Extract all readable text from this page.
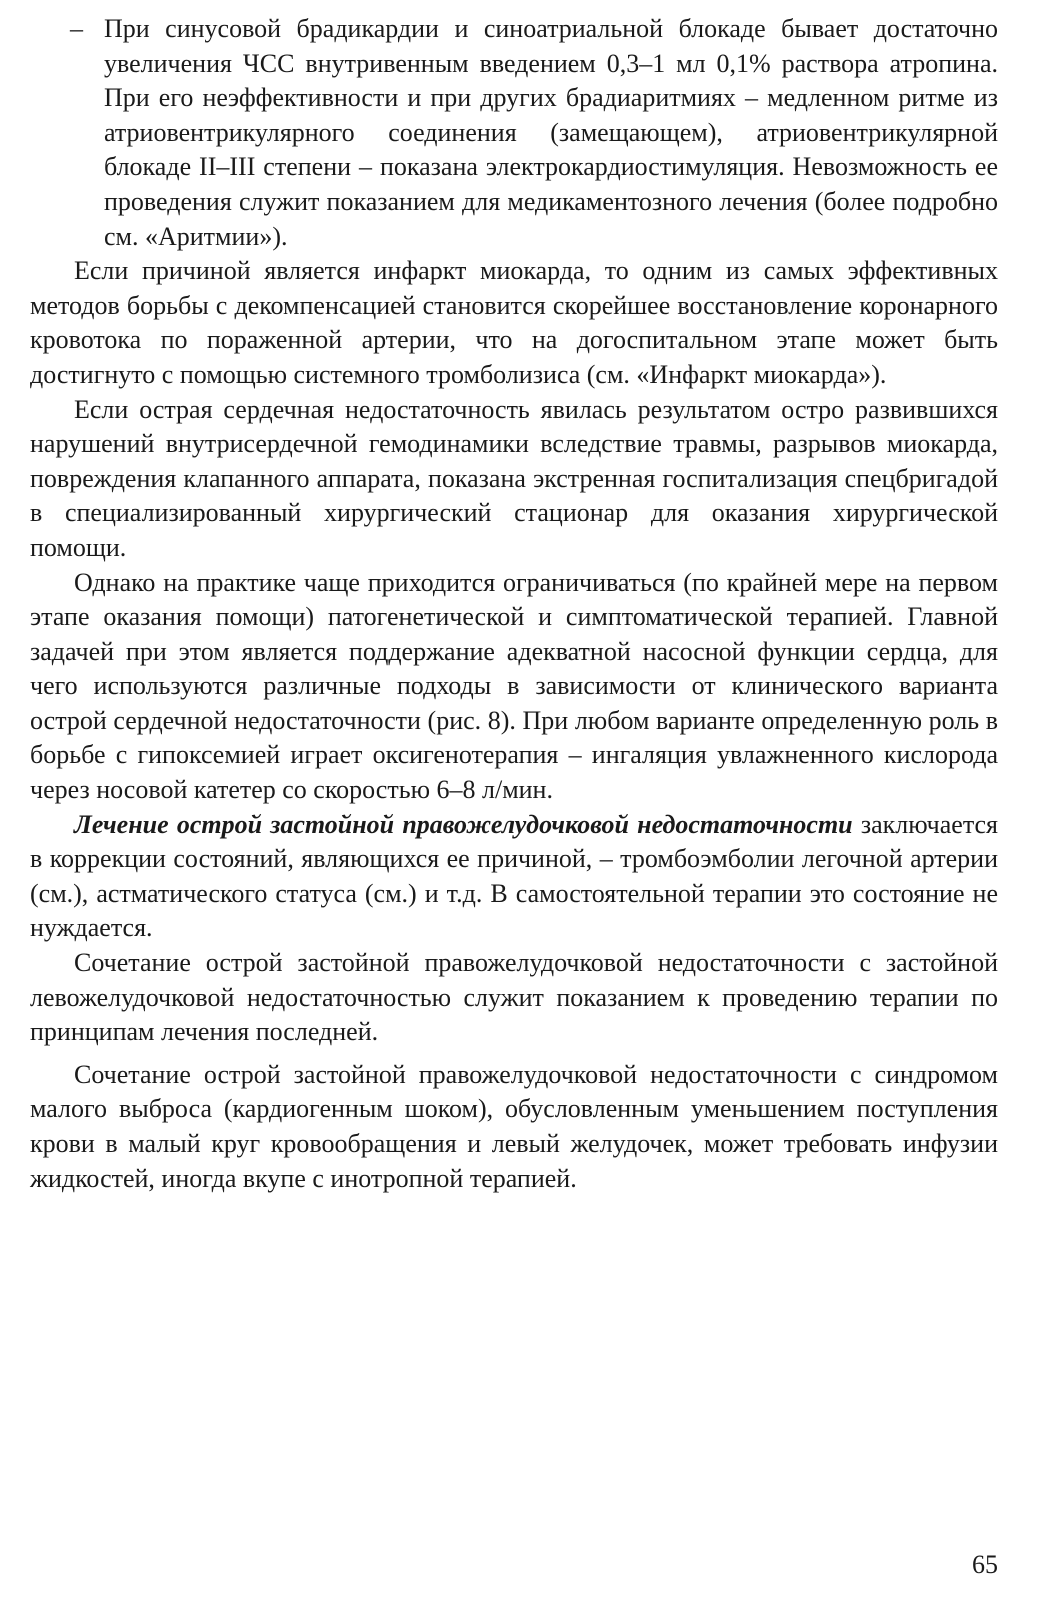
– При синусовой брадикардии и синоатриальной блокаде бывает достаточно увеличения ЧСС внутривенным введением 0,3–1 мл 0,1% раствора атропина. При его неэффективности и при других брадиаритмиях – медленном ритме из атриовентрикулярного соединения (замещающем), атриовентрикулярной блокаде II–III степени – показана электрокардиостимуляция. Невозможность ее проведения служит показанием для медикаментозного лечения (более подробно см. «Аритмии»).

Если причиной является инфаркт миокарда, то одним из самых эффективных методов борьбы с декомпенсацией становится скорейшее восстановление коронарного кровотока по пораженной артерии, что на догоспитальном этапе может быть достигнуто с помощью системного тромболизиса (см. «Инфаркт миокарда»).

Если острая сердечная недостаточность явилась результатом остро развившихся нарушений внутрисердечной гемодинамики вследствие травмы, разрывов миокарда, повреждения клапанного аппарата, показана экстренная госпитализация спецбригадой в специализированный хирургический стационар для оказания хирургической помощи.

Однако на практике чаще приходится ограничиваться (по крайней мере на первом этапе оказания помощи) патогенетической и симптоматической терапией. Главной задачей при этом является поддержание адекватной насосной функции сердца, для чего используются различные подходы в зависимости от клинического варианта острой сердечной недостаточности (рис. 8). При любом варианте определенную роль в борьбе с гипоксемией играет оксигенотерапия – ингаляция увлажненного кислорода через носовой катетер со скоростью 6–8 л/мин.

Лечение острой застойной правожелудочковой недостаточности заключается в коррекции состояний, являющихся ее причиной, – тромбоэмболии легочной артерии (см.), астматического статуса (см.) и т.д. В самостоятельной терапии это состояние не нуждается.

Сочетание острой застойной правожелудочковой недостаточности с застойной левожелудочковой недостаточностью служит показанием к проведению терапии по принципам лечения последней.

Сочетание острой застойной правожелудочковой недостаточности с синдромом малого выброса (кардиогенным шоком), обусловленным уменьшением поступления крови в малый круг кровообращения и левый желудочек, может требовать инфузии жидкостей, иногда вкупе с инотропной терапией.

65
